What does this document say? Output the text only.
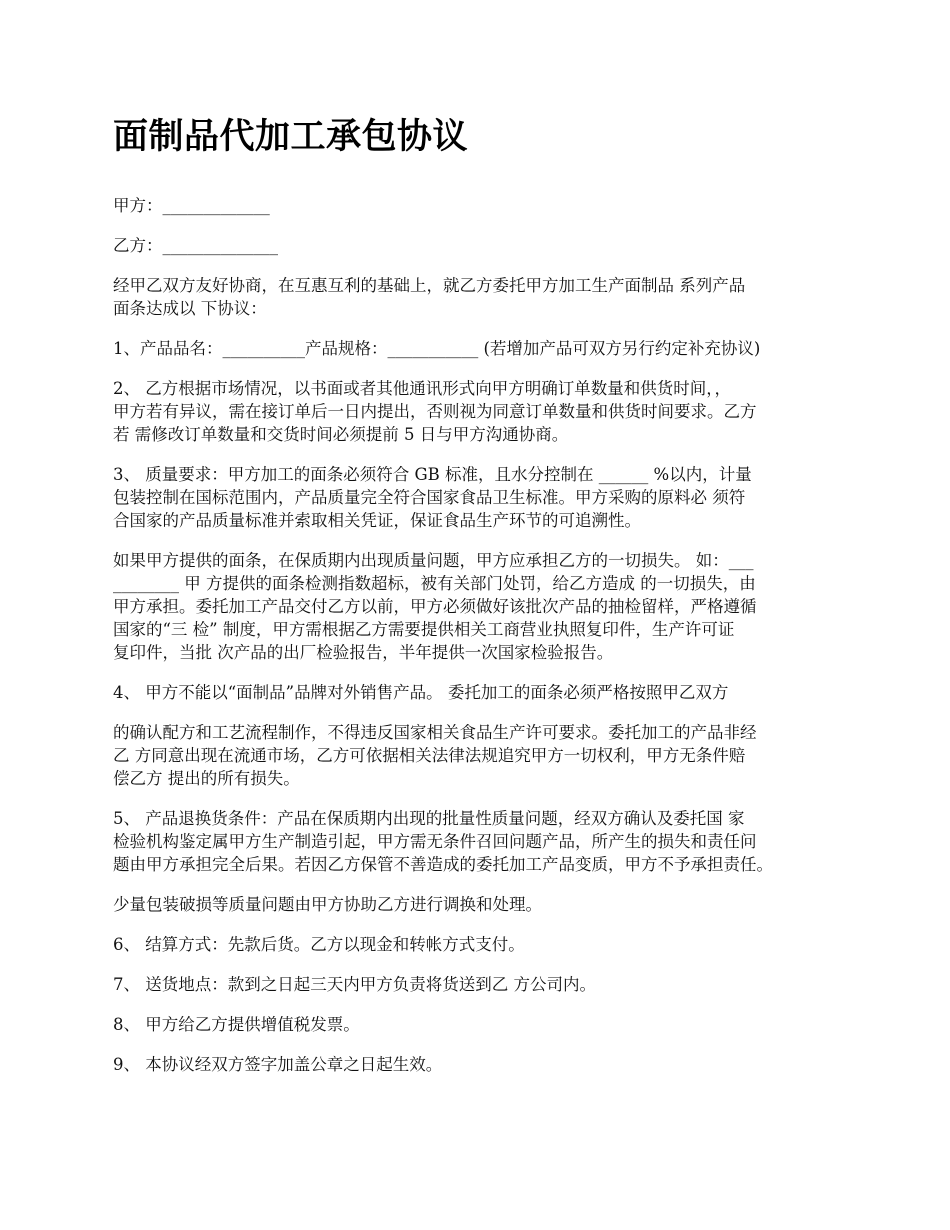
面制品代加工承包协议
甲方：_____________
乙方：______________
经甲乙双方友好协商，在互惠互利的基础上，就乙方委托甲方加工生产面制品 系列产品
面条达成以 下协议：
1、产品品名：__________产品规格：___________ (若增加产品可双方另行约定补充协议)
2、 乙方根据市场情况，以书面或者其他通讯形式向甲方明确订单数量和供货时间，，
甲方若有异议，需在接订单后一日内提出，否则视为同意订单数量和供货时间要求。乙方
若 需修改订单数量和交货时间必须提前 5 日与甲方沟通协商。
3、 质量要求：甲方加工的面条必须符合 GB 标准，且水分控制在 ______ %以内，计量
包装控制在国标范围内，产品质量完全符合国家食品卫生标准。甲方采购的原料必 须符
合国家的产品质量标准并索取相关凭证，保证食品生产环节的可追溯性。
如果甲方提供的面条，在保质期内出现质量问题，甲方应承担乙方的一切损失。 如：___
________ 甲 方提供的面条检测指数超标，被有关部门处罚，给乙方造成 的一切损失，由
甲方承担。委托加工产品交付乙方以前，甲方必须做好该批次产品的抽检留样，严格遵循
国家的“三 检” 制度，甲方需根据乙方需要提供相关工商营业执照复印件，生产许可证
复印件，当批 次产品的出厂检验报告，半年提供一次国家检验报告。
4、 甲方不能以“面制品”品牌对外销售产品。 委托加工的面条必须严格按照甲乙双方
的确认配方和工艺流程制作，不得违反国家相关食品生产许可要求。委托加工的产品非经
乙 方同意出现在流通市场，乙方可依据相关法律法规追究甲方一切权利，甲方无条件赔
偿乙方 提出的所有损失。
5、 产品退换货条件：产品在保质期内出现的批量性质量问题，经双方确认及委托国 家
检验机构鉴定属甲方生产制造引起，甲方需无条件召回问题产品，所产生的损失和责任问
题由甲方承担完全后果。若因乙方保管不善造成的委托加工产品变质，甲方不予承担责任。
少量包装破损等质量问题由甲方协助乙方进行调换和处理。
6、 结算方式：先款后货。乙方以现金和转帐方式支付。
7、 送货地点：款到之日起三天内甲方负责将货送到乙 方公司内。
8、 甲方给乙方提供增值税发票。
9、 本协议经双方签字加盖公章之日起生效。
